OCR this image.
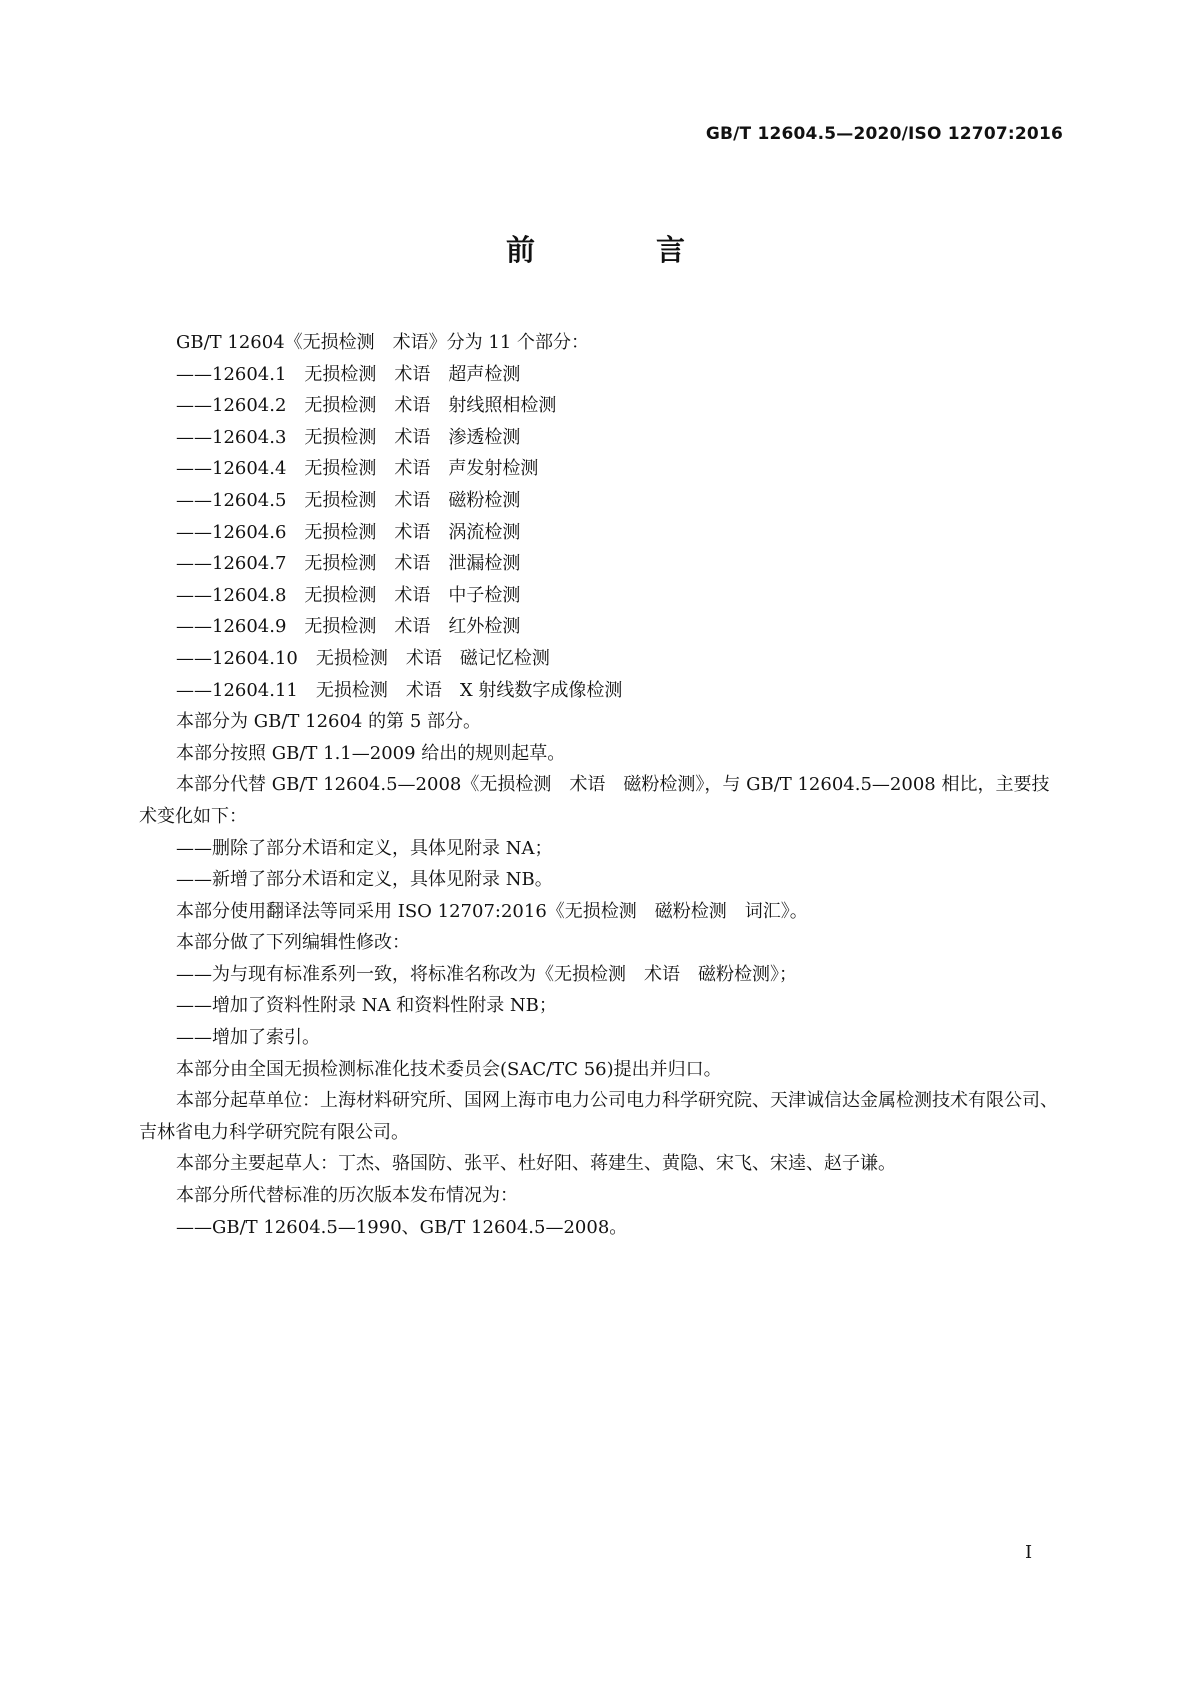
GB/T 12604.5—2020/ISO 12707:2016
前　言

GB/T 12604《无损检测　术语》分为 11 个部分：

——12604.1　无损检测　术语　超声检测

——12604.2　无损检测　术语　射线照相检测

——12604.3　无损检测　术语　渗透检测

——12604.4　无损检测　术语　声发射检测

——12604.5　无损检测　术语　磁粉检测

——12604.6　无损检测　术语　涡流检测

——12604.7　无损检测　术语　泄漏检测

——12604.8　无损检测　术语　中子检测

——12604.9　无损检测　术语　红外检测

——12604.10　无损检测　术语　磁记忆检测

——12604.11　无损检测　术语　X 射线数字成像检测

本部分为 GB/T 12604 的第 5 部分。

本部分按照 GB/T 1.1—2009 给出的规则起草。

本部分代替 GB/T 12604.5—2008《无损检测　术语　磁粉检测》，与 GB/T 12604.5—2008 相比，主要技术变化如下：

——删除了部分术语和定义，具体见附录 NA；

——新增了部分术语和定义，具体见附录 NB。

本部分使用翻译法等同采用 ISO 12707:2016《无损检测　磁粉检测　词汇》。

本部分做了下列编辑性修改：

——为与现有标准系列一致，将标准名称改为《无损检测　术语　磁粉检测》；

——增加了资料性附录 NA 和资料性附录 NB；

——增加了索引。

本部分由全国无损检测标准化技术委员会(SAC/TC 56)提出并归口。

本部分起草单位：上海材料研究所、国网上海市电力公司电力科学研究院、天津诚信达金属检测技术有限公司、吉林省电力科学研究院有限公司。

本部分主要起草人：丁杰、骆国防、张平、杜好阳、蒋建生、黄隐、宋飞、宋逵、赵子谦。

本部分所代替标准的历次版本发布情况为：

——GB/T 12604.5—1990、GB/T 12604.5—2008。

I
